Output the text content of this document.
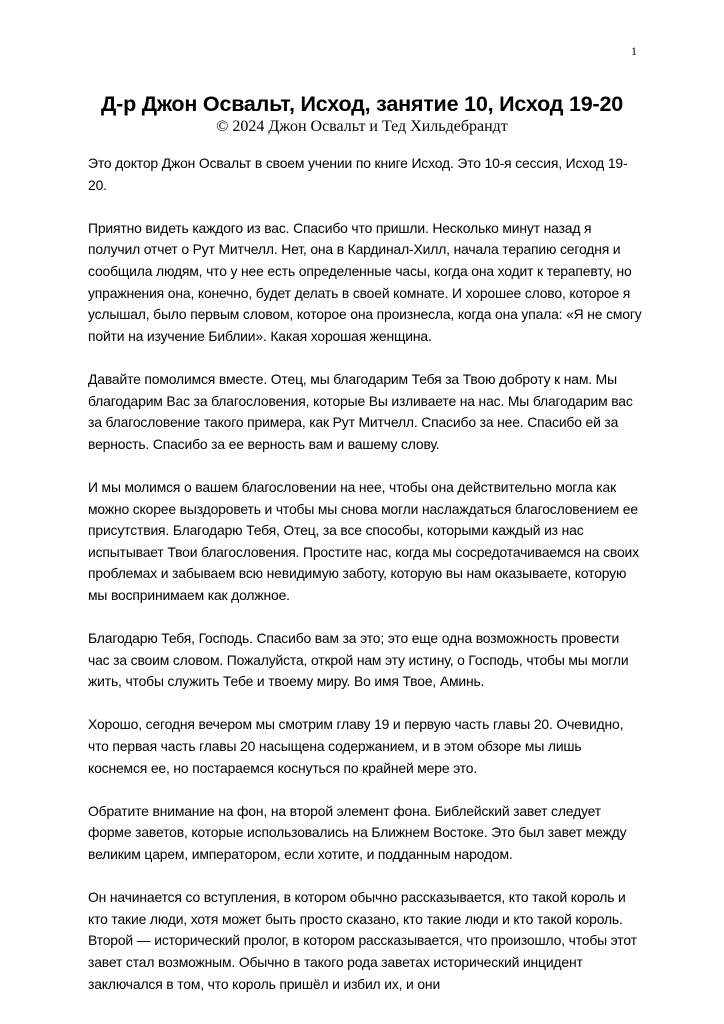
1
Д-р Джон Освальт, Исход, занятие 10, Исход 19-20
© 2024 Джон Освальт и Тед Хильдебрандт

Это доктор Джон Освальт в своем учении по книге Исход. Это 10-я сессия, Исход 19-20.

Приятно видеть каждого из вас. Спасибо что пришли. Несколько минут назад я получил отчет о Рут Митчелл. Нет, она в Кардинал-Хилл, начала терапию сегодня и сообщила людям, что у нее есть определенные часы, когда она ходит к терапевту, но упражнения она, конечно, будет делать в своей комнате. И хорошее слово, которое я услышал, было первым словом, которое она произнесла, когда она упала: «Я не смогу пойти на изучение Библии». Какая хорошая женщина.

Давайте помолимся вместе. Отец, мы благодарим Тебя за Твою доброту к нам. Мы благодарим Вас за благословения, которые Вы изливаете на нас. Мы благодарим вас за благословение такого примера, как Рут Митчелл. Спасибо за нее. Спасибо ей за верность. Спасибо за ее верность вам и вашему слову.

И мы молимся о вашем благословении на нее, чтобы она действительно могла как можно скорее выздороветь и чтобы мы снова могли наслаждаться благословением ее присутствия. Благодарю Тебя, Отец, за все способы, которыми каждый из нас испытывает Твои благословения. Простите нас, когда мы сосредотачиваемся на своих проблемах и забываем всю невидимую заботу, которую вы нам оказываете, которую мы воспринимаем как должное.

Благодарю Тебя, Господь. Спасибо вам за это; это еще одна возможность провести час за своим словом. Пожалуйста, открой нам эту истину, о Господь, чтобы мы могли жить, чтобы служить Тебе и твоему миру. Во имя Твое, Аминь.

Хорошо, сегодня вечером мы смотрим главу 19 и первую часть главы 20. Очевидно, что первая часть главы 20 насыщена содержанием, и в этом обзоре мы лишь коснемся ее, но постараемся коснуться по крайней мере это.

Обратите внимание на фон, на второй элемент фона. Библейский завет следует форме заветов, которые использовались на Ближнем Востоке. Это был завет между великим царем, императором, если хотите, и подданным народом.

Он начинается со вступления, в котором обычно рассказывается, кто такой король и кто такие люди, хотя может быть просто сказано, кто такие люди и кто такой король. Второй — исторический пролог, в котором рассказывается, что произошло, чтобы этот завет стал возможным. Обычно в такого рода заветах исторический инцидент заключался в том, что король пришёл и избил их, и они
